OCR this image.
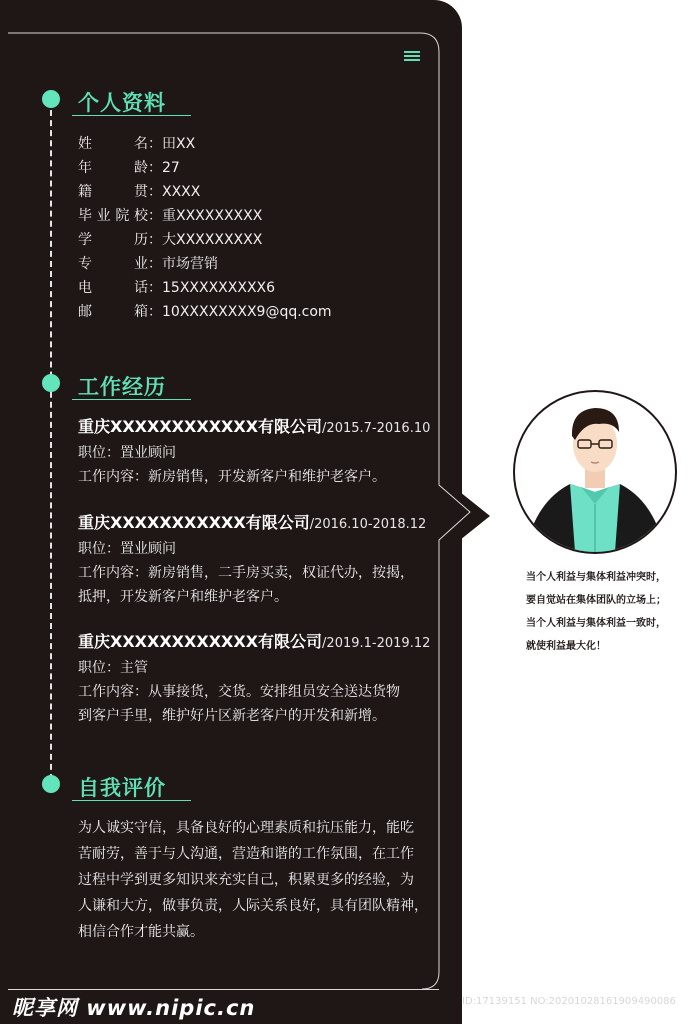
个人资料
姓名：田XX
年龄：27
籍贯：XXXX
毕业院校：重XXXXXXXXX
学历：大XXXXXXXXX
专业：市场营销
电话：15XXXXXXXXX6
邮箱：10XXXXXXXX9@qq.com
工作经历
重庆XXXXXXXXXXXX有限公司/2015.7-2016.10
职位：置业顾问
工作内容：新房销售，开发新客户和维护老客户。
重庆XXXXXXXXXXX有限公司/2016.10-2018.12
职位：置业顾问
工作内容：新房销售，二手房买卖，权证代办，按揭，
抵押，开发新客户和维护老客户。
重庆XXXXXXXXXXXX有限公司/2019.1-2019.12
职位：主管
工作内容：从事接货，交货。安排组员安全送达货物
到客户手里，维护好片区新老客户的开发和新增。
自我评价
为人诚实守信，具备良好的心理素质和抗压能力，能吃
苦耐劳，善于与人沟通，营造和谐的工作氛围，在工作
过程中学到更多知识来充实自己，积累更多的经验，为
人谦和大方，做事负责，人际关系良好，具有团队精神，
相信合作才能共赢。
当个人利益与集体利益冲突时，
要自觉站在集体团队的立场上；
当个人利益与集体利益一致时，
就使利益最大化！
昵享网 www.nipic.cn	ID:17139151 NO:20201028161909490086
